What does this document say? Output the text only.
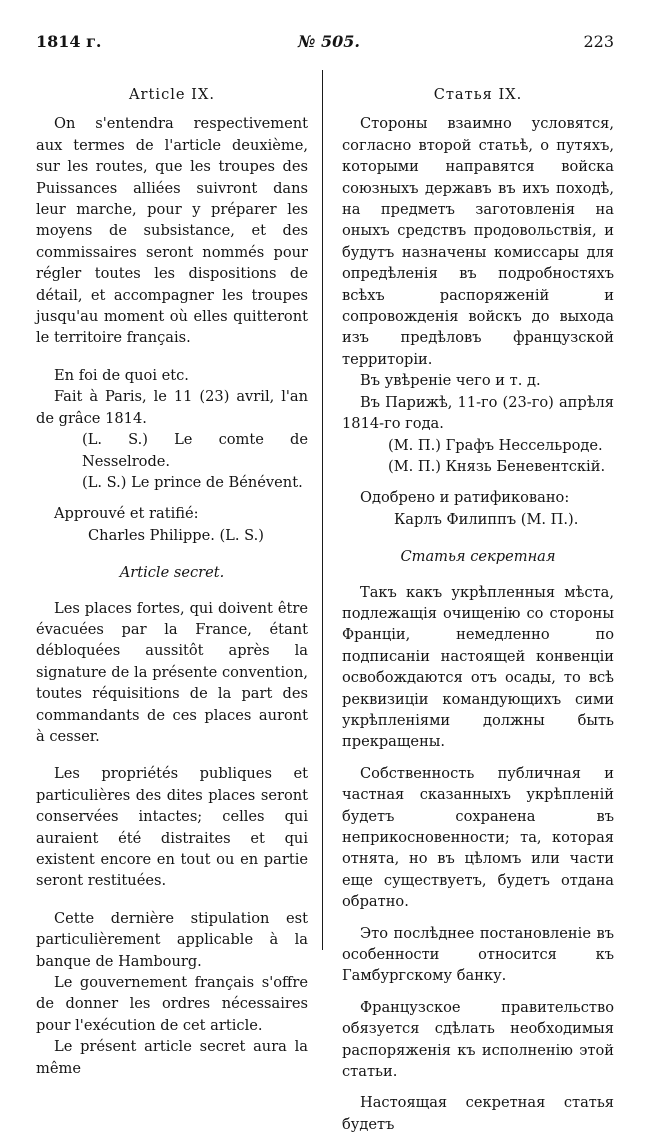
1814 г.	№ 505.	223
Article IX.

On s'entendra respectivement aux termes de l'article deuxième, sur les routes, que les troupes des Puissances alliées suivront dans leur marche, pour y préparer les moyens de subsistance, et des commissaires seront nommés pour régler toutes les dispositions de détail, et accompagner les troupes jusqu'au moment où elles quitteront le territoire français.

En foi de quoi etc.

Fait à Paris, le 11 (23) avril, l'an de grâce 1814.

(L. S.) Le comte de Nesselrode.

(L. S.) Le prince de Bénévent.

Approuvé et ratifié:

Charles Philippe. (L. S.)

Article secret.

Les places fortes, qui doivent être évacuées par la France, étant débloquées aussitôt après la signature de la présente convention, toutes réquisitions de la part des commandants de ces places auront à cesser.

Les propriétés publiques et particulières des dites places seront conservées intactes; celles qui auraient été distraites et qui existent encore en tout ou en partie seront restituées.

Cette dernière stipulation est particulièrement applicable à la banque de Hambourg.

Le gouvernement français s'offre de donner les ordres nécessaires pour l'exécution de cet article.

Le présent article secret aura la même

Статья IX.

Стороны взаимно условятся, согласно второй статьѣ, о путяхъ, которыми направятся войска союзныхъ державъ въ ихъ походѣ, на предметъ заготовленія на оныхъ средствъ продовольствія, и будутъ назначены комиссары для опредѣленія въ подробностяхъ всѣхъ распоряженій и сопровожденія войскъ до выхода изъ предѣловъ французской территоріи.

Въ увѣреніе чего и т. д.

Въ Парижѣ, 11-го (23-го) апрѣля 1814-го года.

(М. П.) Графъ Нессельроде.

(М. П.) Князь Беневентскій.

Одобрено и ратификовано:

Карлъ Филиппъ (М. П.).

Статья секретная

Такъ какъ укрѣпленныя мѣста, подлежащія очищенію со стороны Франціи, немедленно по подписаніи настоящей конвенціи освобождаются отъ осады, то всѣ реквизиціи командующихъ сими укрѣпленіями должны быть прекращены.

Собственность публичная и частная сказанныхъ укрѣпленій будетъ сохранена въ неприкосновенности; та, которая отнята, но въ цѣломъ или части еще существуетъ, будетъ отдана обратно.

Это послѣднее постановленіе въ особенности относится къ Гамбургскому банку.

Французское правительство обязуется сдѣлать необходимыя распоряженія къ исполненію этой статьи.

Настоящая секретная статья будетъ
